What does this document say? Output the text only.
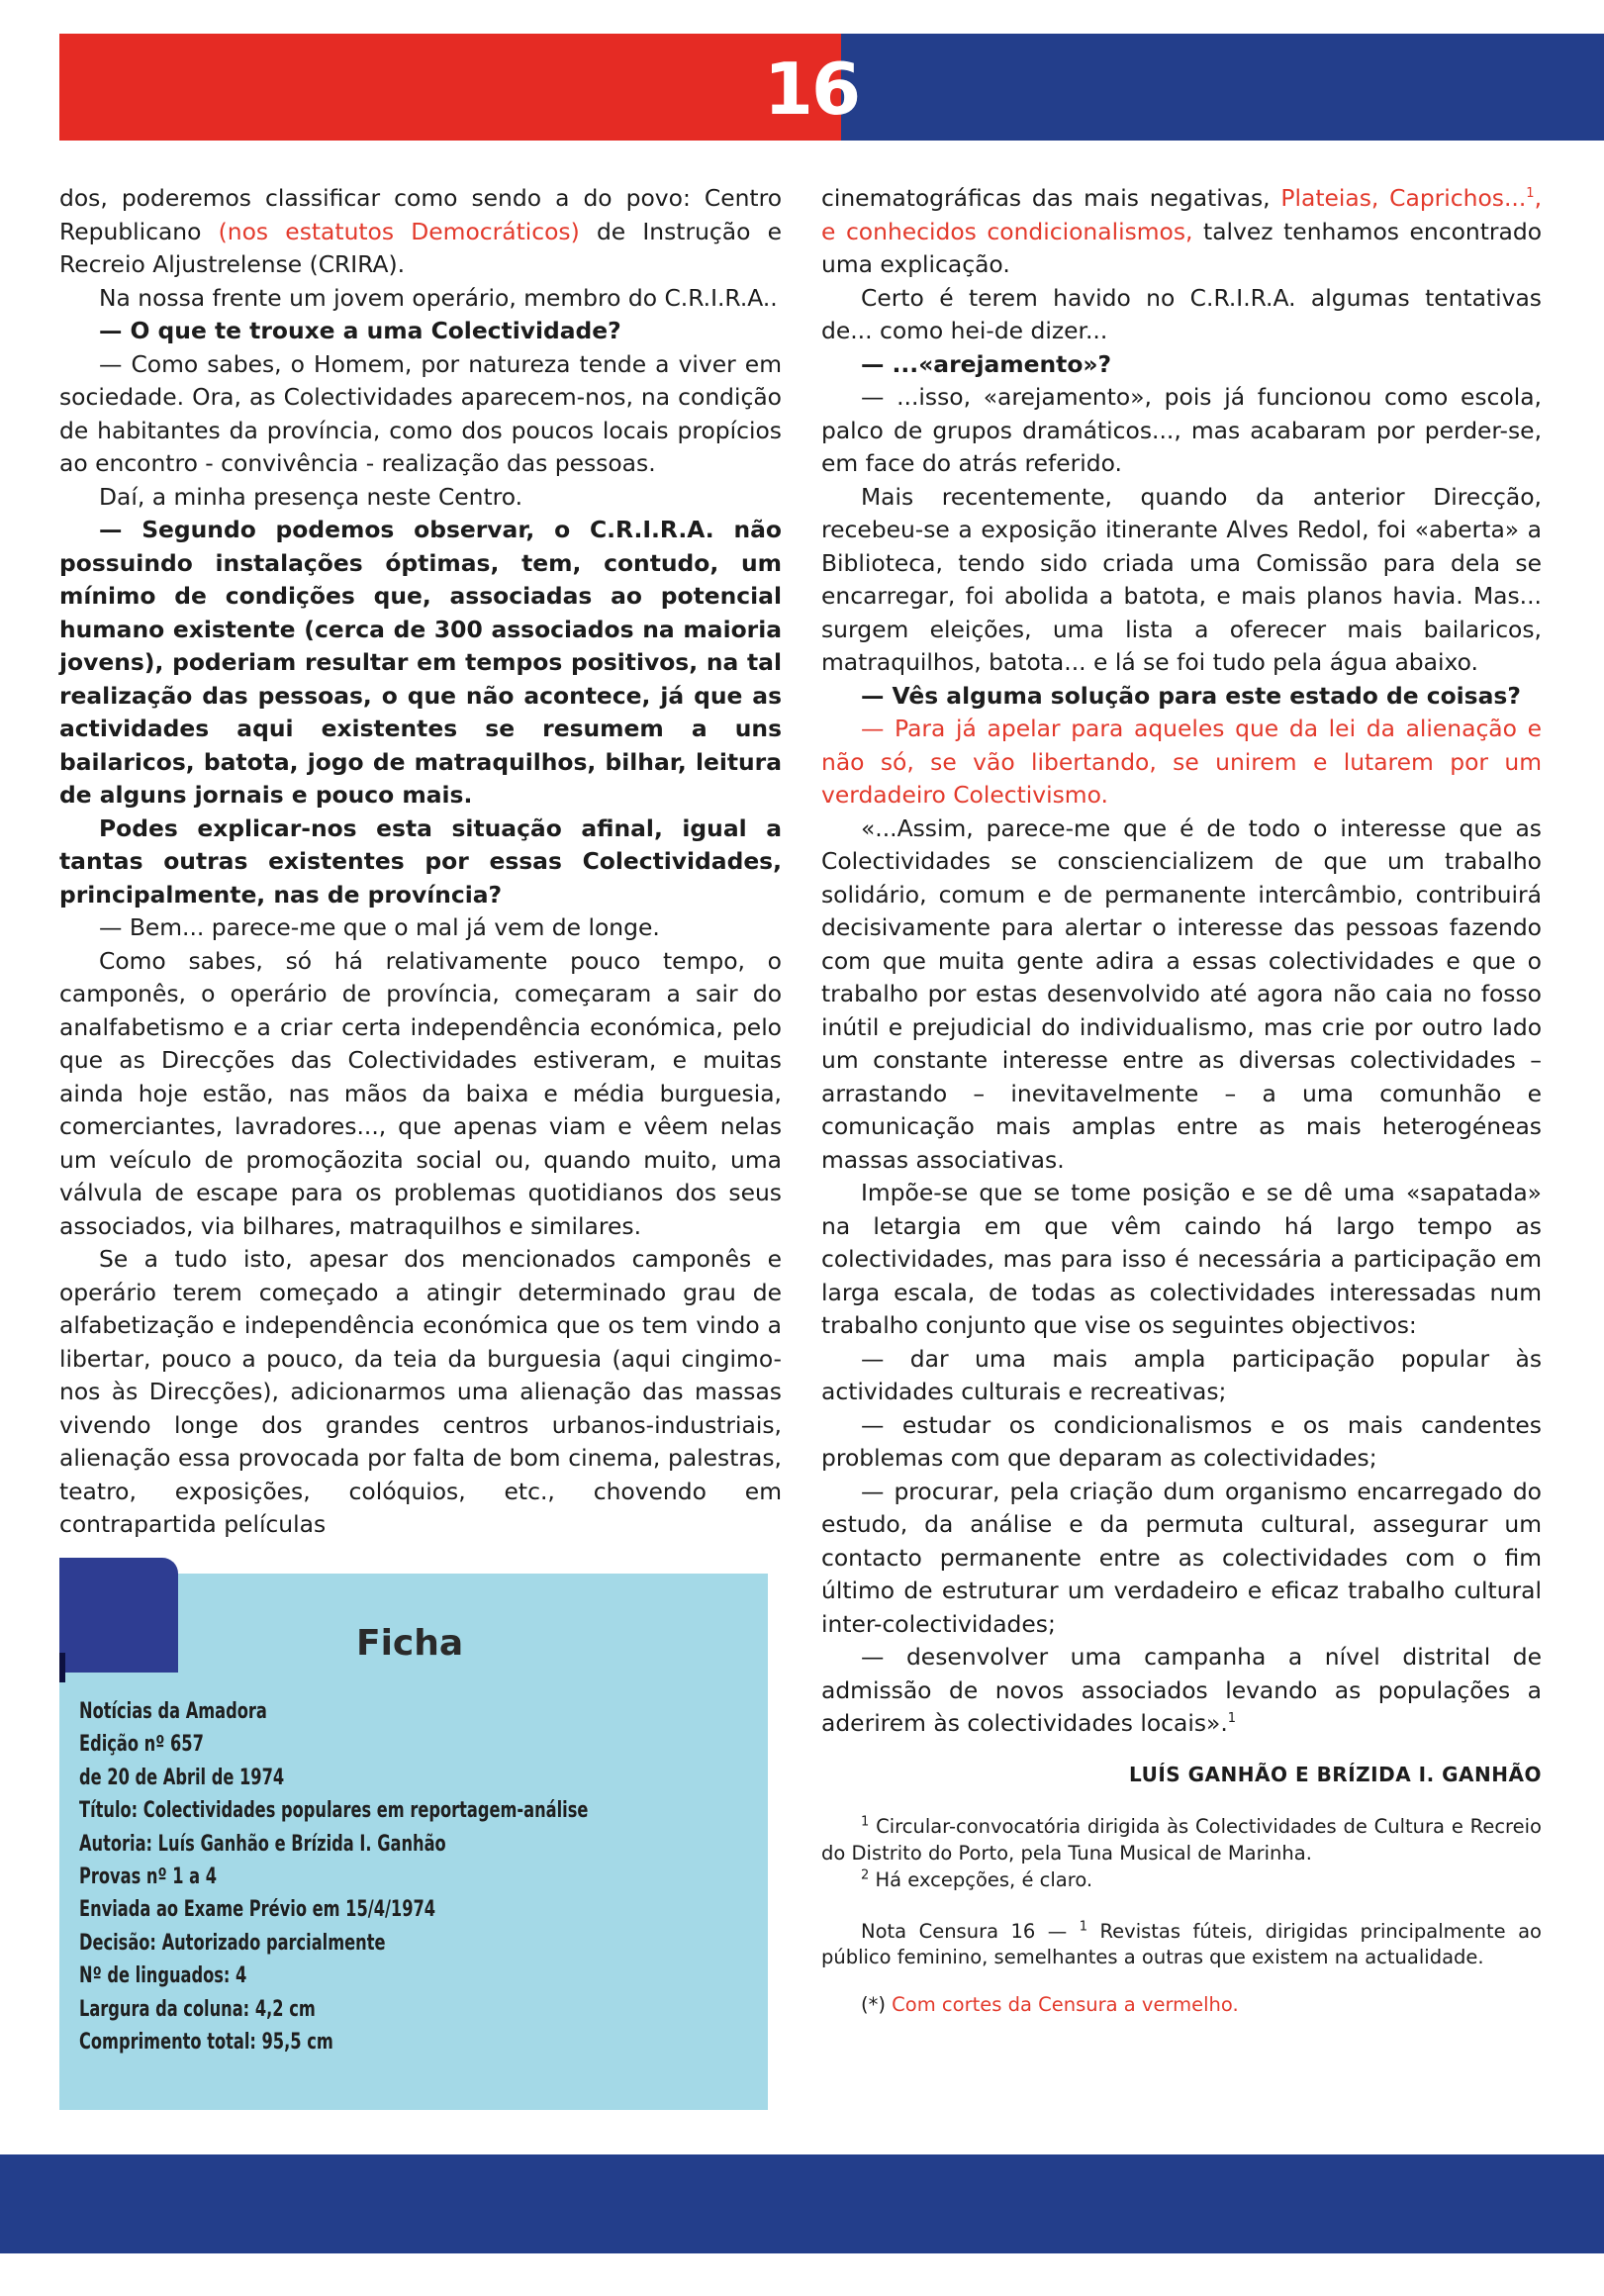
16

dos, poderemos classificar como sendo a do povo: Centro Republicano (nos estatutos Democráticos) de Instrução e Recreio Aljustrelense (CRIRA).

Na nossa frente um jovem operário, membro do C.R.I.R.A..

— O que te trouxe a uma Colectividade?

— Como sabes, o Homem, por natureza tende a viver em sociedade. Ora, as Colectividades aparecem-nos, na condição de habitantes da província, como dos poucos locais propícios ao encontro - convivência - realização das pessoas.

Daí, a minha presença neste Centro.

— Segundo podemos observar, o C.R.I.R.A. não possuindo instalações óptimas, tem, contudo, um mínimo de condições que, associadas ao potencial humano existente (cerca de 300 associados na maioria jovens), poderiam resultar em tempos positivos, na tal realização das pessoas, o que não acontece, já que as actividades aqui existentes se resumem a uns bailaricos, batota, jogo de matraquilhos, bilhar, leitura de alguns jornais e pouco mais.

Podes explicar-nos esta situação afinal, igual a tantas outras existentes por essas Colectividades, principalmente, nas de província?

— Bem... parece-me que o mal já vem de longe.

Como sabes, só há relativamente pouco tempo, o camponês, o operário de província, começaram a sair do analfabetismo e a criar certa independência económica, pelo que as Direcções das Colectividades estiveram, e muitas ainda hoje estão, nas mãos da baixa e média burguesia, comerciantes, lavradores..., que apenas viam e vêem nelas um veículo de promoçãozita social ou, quando muito, uma válvula de escape para os problemas quotidianos dos seus associados, via bilhares, matraquilhos e similares.

Se a tudo isto, apesar dos mencionados camponês e operário terem começado a atingir determinado grau de alfabetização e independência económica que os tem vindo a libertar, pouco a pouco, da teia da burguesia (aqui cingimo-nos às Direcções), adicionarmos uma alienação das massas vivendo longe dos grandes centros urbanos-industriais, alienação essa provocada por falta de bom cinema, palestras, teatro, exposições, colóquios, etc., chovendo em contrapartida películas

cinematográficas das mais negativas, Plateias, Caprichos...$^1$, e conhecidos condicionalismos, talvez tenhamos encontrado uma explicação.

Certo é terem havido no C.R.I.R.A. algumas tentativas de... como hei-de dizer...

— ...«arejamento»?

— ...isso, «arejamento», pois já funcionou como escola, palco de grupos dramáticos..., mas acabaram por perder-se, em face do atrás referido.

Mais recentemente, quando da anterior Direcção, recebeu-se a exposição itinerante Alves Redol, foi «aberta» a Biblioteca, tendo sido criada uma Comissão para dela se encarregar, foi abolida a batota, e mais planos havia. Mas... surgem eleições, uma lista a oferecer mais bailaricos, matraquilhos, batota... e lá se foi tudo pela água abaixo.

— Vês alguma solução para este estado de coisas?

— Para já apelar para aqueles que da lei da alienação e não só, se vão libertando, se unirem e lutarem por um verdadeiro Colectivismo.

«...Assim, parece-me que é de todo o interesse que as Colectividades se consciencializem de que um trabalho solidário, comum e de permanente intercâmbio, contribuirá decisivamente para alertar o interesse das pessoas fazendo com que muita gente adira a essas colectividades e que o trabalho por estas desenvolvido até agora não caia no fosso inútil e prejudicial do individualismo, mas crie por outro lado um constante interesse entre as diversas colectividades – arrastando – inevitavelmente – a uma comunhão e comunicação mais amplas entre as mais heterogéneas massas associativas.

Impõe-se que se tome posição e se dê uma «sapatada» na letargia em que vêm caindo há largo tempo as colectividades, mas para isso é necessária a participação em larga escala, de todas as colectividades interessadas num trabalho conjunto que vise os seguintes objectivos:

— dar uma mais ampla participação popular às actividades culturais e recreativas;

— estudar os condicionalismos e os mais candentes problemas com que deparam as colectividades;

— procurar, pela criação dum organismo encarregado do estudo, da análise e da permuta cultural, assegurar um contacto permanente entre as colectividades com o fim último de estruturar um verdadeiro e eficaz trabalho cultural inter-colectividades;

— desenvolver uma campanha a nível distrital de admissão de novos associados levando as populações a aderirem às colectividades locais».$^1$

LUÍS GANHÃO E BRÍZIDA I. GANHÃO

$^1$ Circular-convocatória dirigida às Colectividades de Cultura e Recreio do Distrito do Porto, pela Tuna Musical de Marinha.

$^2$ Há excepções, é claro.

Nota Censura 16 — $^1$ Revistas fúteis, dirigidas principalmente ao público feminino, semelhantes a outras que existem na actualidade.
(*) Com cortes da Censura a vermelho.
Ficha
Notícias da Amadora
Edição nº 657
de 20 de Abril de 1974
Título: Colectividades populares em reportagem-análise
Autoria: Luís Ganhão e Brízida I. Ganhão
Provas nº 1 a 4
Enviada ao Exame Prévio em 15/4/1974
Decisão: Autorizado parcialmente
Nº de linguados: 4
Largura da coluna: 4,2 cm
Comprimento total: 95,5 cm
